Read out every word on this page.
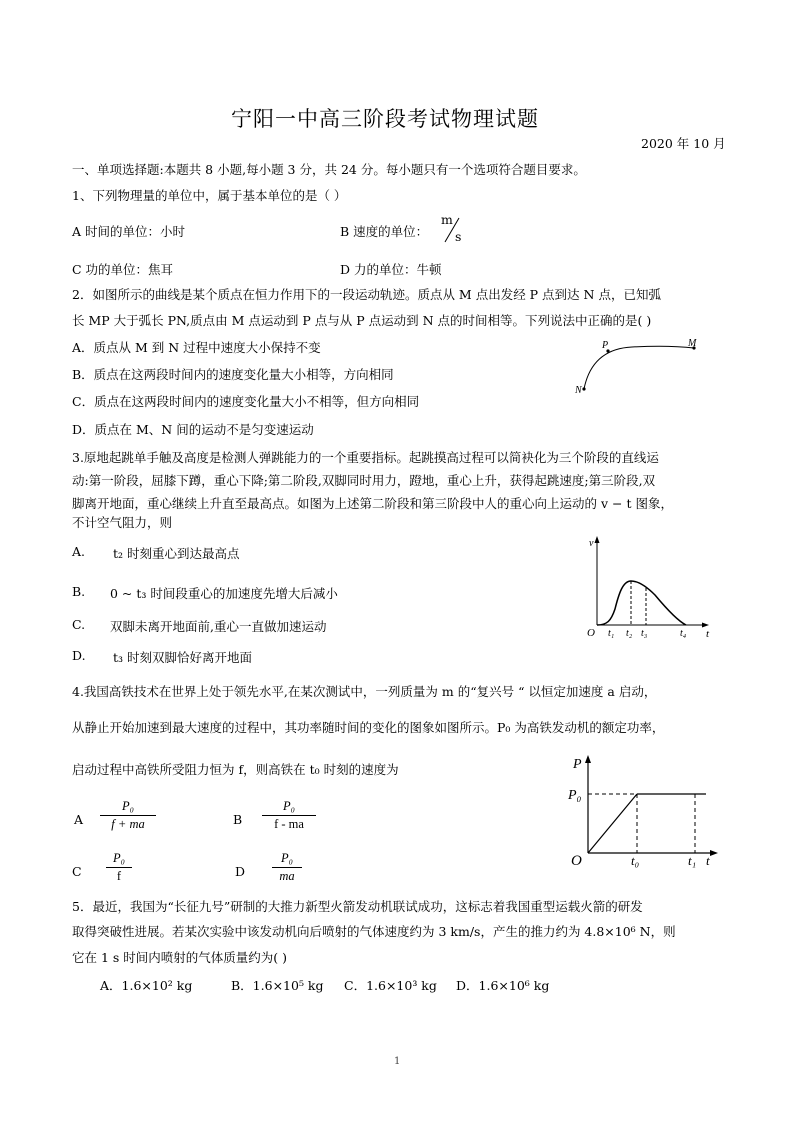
宁阳一中高三阶段考试物理试题
2020 年 10 月
一、单项选择题:本题共 8 小题,每小题 3 分，共 24 分。每小题只有一个选项符合题目要求。
1、下列物理量的单位中，属于基本单位的是（ ）
A 时间的单位：小时	B 速度的单位：
m
s
C 功的单位：焦耳	D 力的单位：牛顿
2．如图所示的曲线是某个质点在恒力作用下的一段运动轨迹。质点从 M 点出发经 P 点到达 N 点，已知弧
长 MP 大于弧长 PN,质点由 M 点运动到 P 点与从 P 点运动到 N 点的时间相等。下列说法中正确的是( )
A．质点从 M 到 N 过程中速度大小保持不变
B．质点在这两段时间内的速度变化量大小相等，方向相同
C．质点在这两段时间内的速度变化量大小不相等，但方向相同
D．质点在 M、N 间的运动不是匀变速运动
P	M
N
3.原地起跳单手触及高度是检测人弹跳能力的一个重要指标。起跳摸高过程可以简袂化为三个阶段的直线运
动:第一阶段，屈膝下蹲，重心下降;第二阶段,双脚同时用力，蹬地，重心上升，获得起跳速度;第三阶段,双
脚离开地面，重心继续上升直至最高点。如图为上述第二阶段和第三阶段中人的重心向上运动的 v − t 图象，
不计空气阻力，则
A. t₂ 时刻重心到达最高点
B. 0 ~ t₃ 时间段重心的加速度先增大后减小
C. 双脚未离开地面前,重心一直做加速运动
D. t₃ 时刻双脚恰好离开地面
v
O t₁ t₂ t₃	t₄ t
4.我国高铁技术在世界上处于领先水平,在某次测试中，一列质量为 m 的“复兴号 “ 以恒定加速度 a 启动，
从静止开始加速到最大速度的过程中，其功率随时间的变化的图象如图所示。P₀ 为高铁发动机的额定功率，
启动过程中高铁所受阻力恒为 f，则高铁在 t₀ 时刻的速度为
A
P₀
f + ma	B
P₀
f - ma
C
P₀
f	D
P₀
ma
P
P₀
O	t₀	t₁ t
5．最近，我国为“长征九号”研制的大推力新型火箭发动机联试成功，这标志着我国重型运载火箭的研发
取得突破性进展。若某次实验中该发动机向后喷射的气体速度约为 3 km/s，产生的推力约为 4.8×10⁶ N，则
它在 1 s 时间内喷射的气体质量约为( )
A．1.6×10² kg	B．1.6×10⁵ kg C．1.6×10³ kg D．1.6×10⁶ kg
1
